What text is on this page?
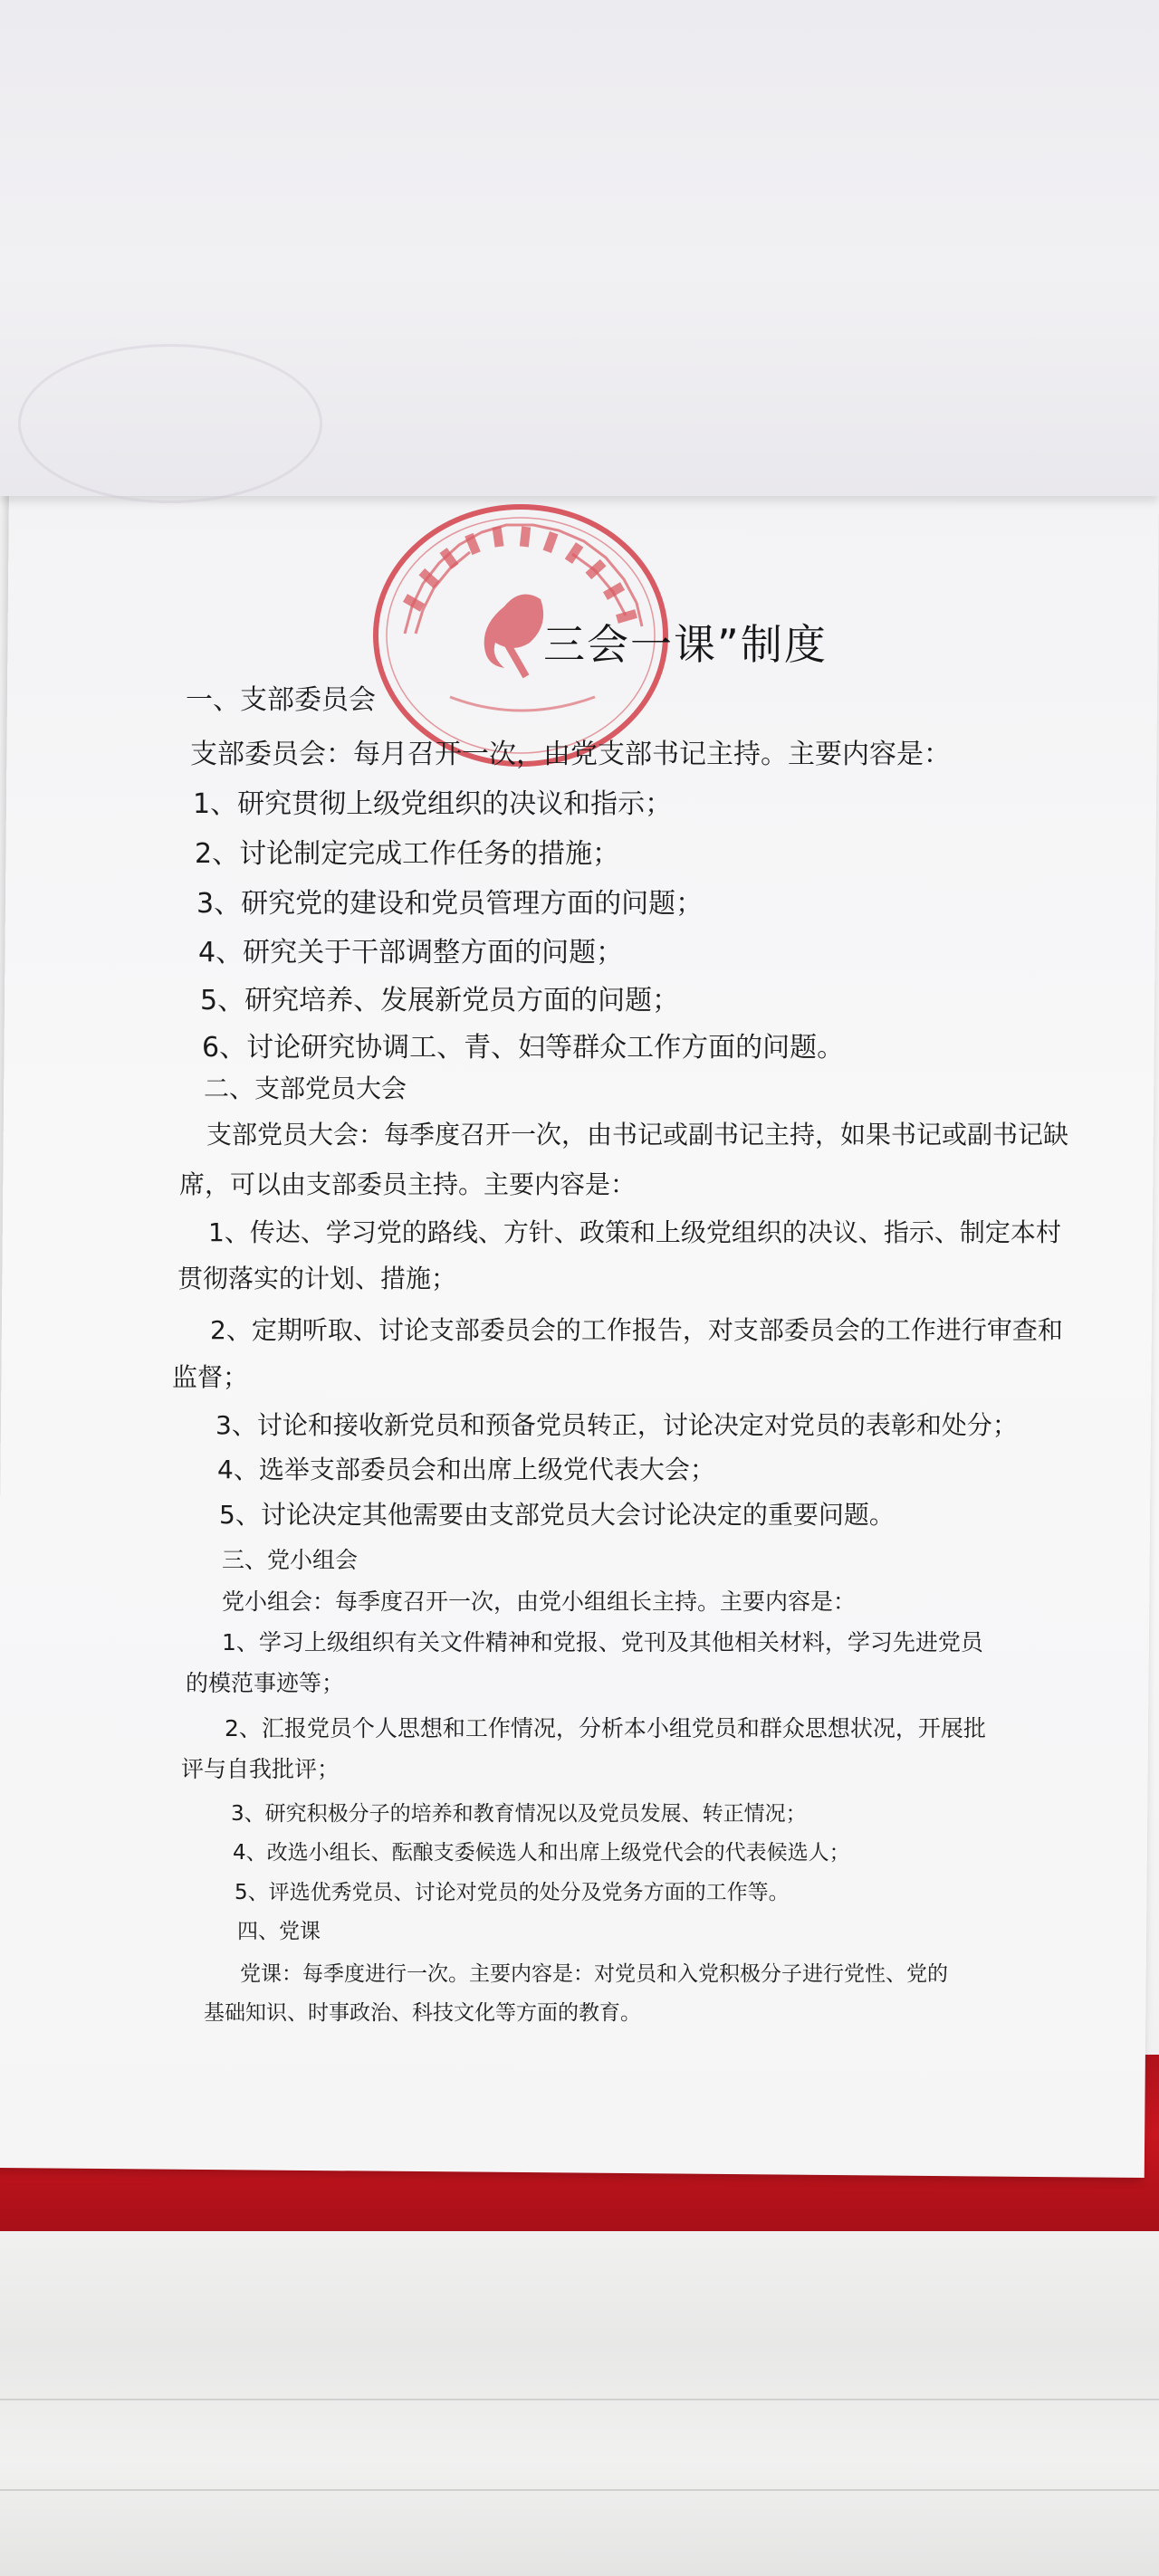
三会一课”制度
一、支部委员会
支部委员会：每月召开一次，由党支部书记主持。主要内容是：
1、研究贯彻上级党组织的决议和指示；
2、讨论制定完成工作任务的措施；
3、研究党的建设和党员管理方面的问题；
4、研究关于干部调整方面的问题；
5、研究培养、发展新党员方面的问题；
6、讨论研究协调工、青、妇等群众工作方面的问题。
二、支部党员大会
支部党员大会：每季度召开一次，由书记或副书记主持，如果书记或副书记缺
席，可以由支部委员主持。主要内容是：
1、传达、学习党的路线、方针、政策和上级党组织的决议、指示、制定本村
贯彻落实的计划、措施；
2、定期听取、讨论支部委员会的工作报告，对支部委员会的工作进行审查和
监督；
3、讨论和接收新党员和预备党员转正，讨论决定对党员的表彰和处分；
4、选举支部委员会和出席上级党代表大会；
5、讨论决定其他需要由支部党员大会讨论决定的重要问题。
三、党小组会
党小组会：每季度召开一次，由党小组组长主持。主要内容是：
1、学习上级组织有关文件精神和党报、党刊及其他相关材料，学习先进党员
的模范事迹等；
2、汇报党员个人思想和工作情况，分析本小组党员和群众思想状况，开展批
评与自我批评；
3、研究积极分子的培养和教育情况以及党员发展、转正情况；
4、改选小组长、酝酿支委候选人和出席上级党代会的代表候选人；
5、评选优秀党员、讨论对党员的处分及党务方面的工作等。
四、党课
党课：每季度进行一次。主要内容是：对党员和入党积极分子进行党性、党的
基础知识、时事政治、科技文化等方面的教育。
